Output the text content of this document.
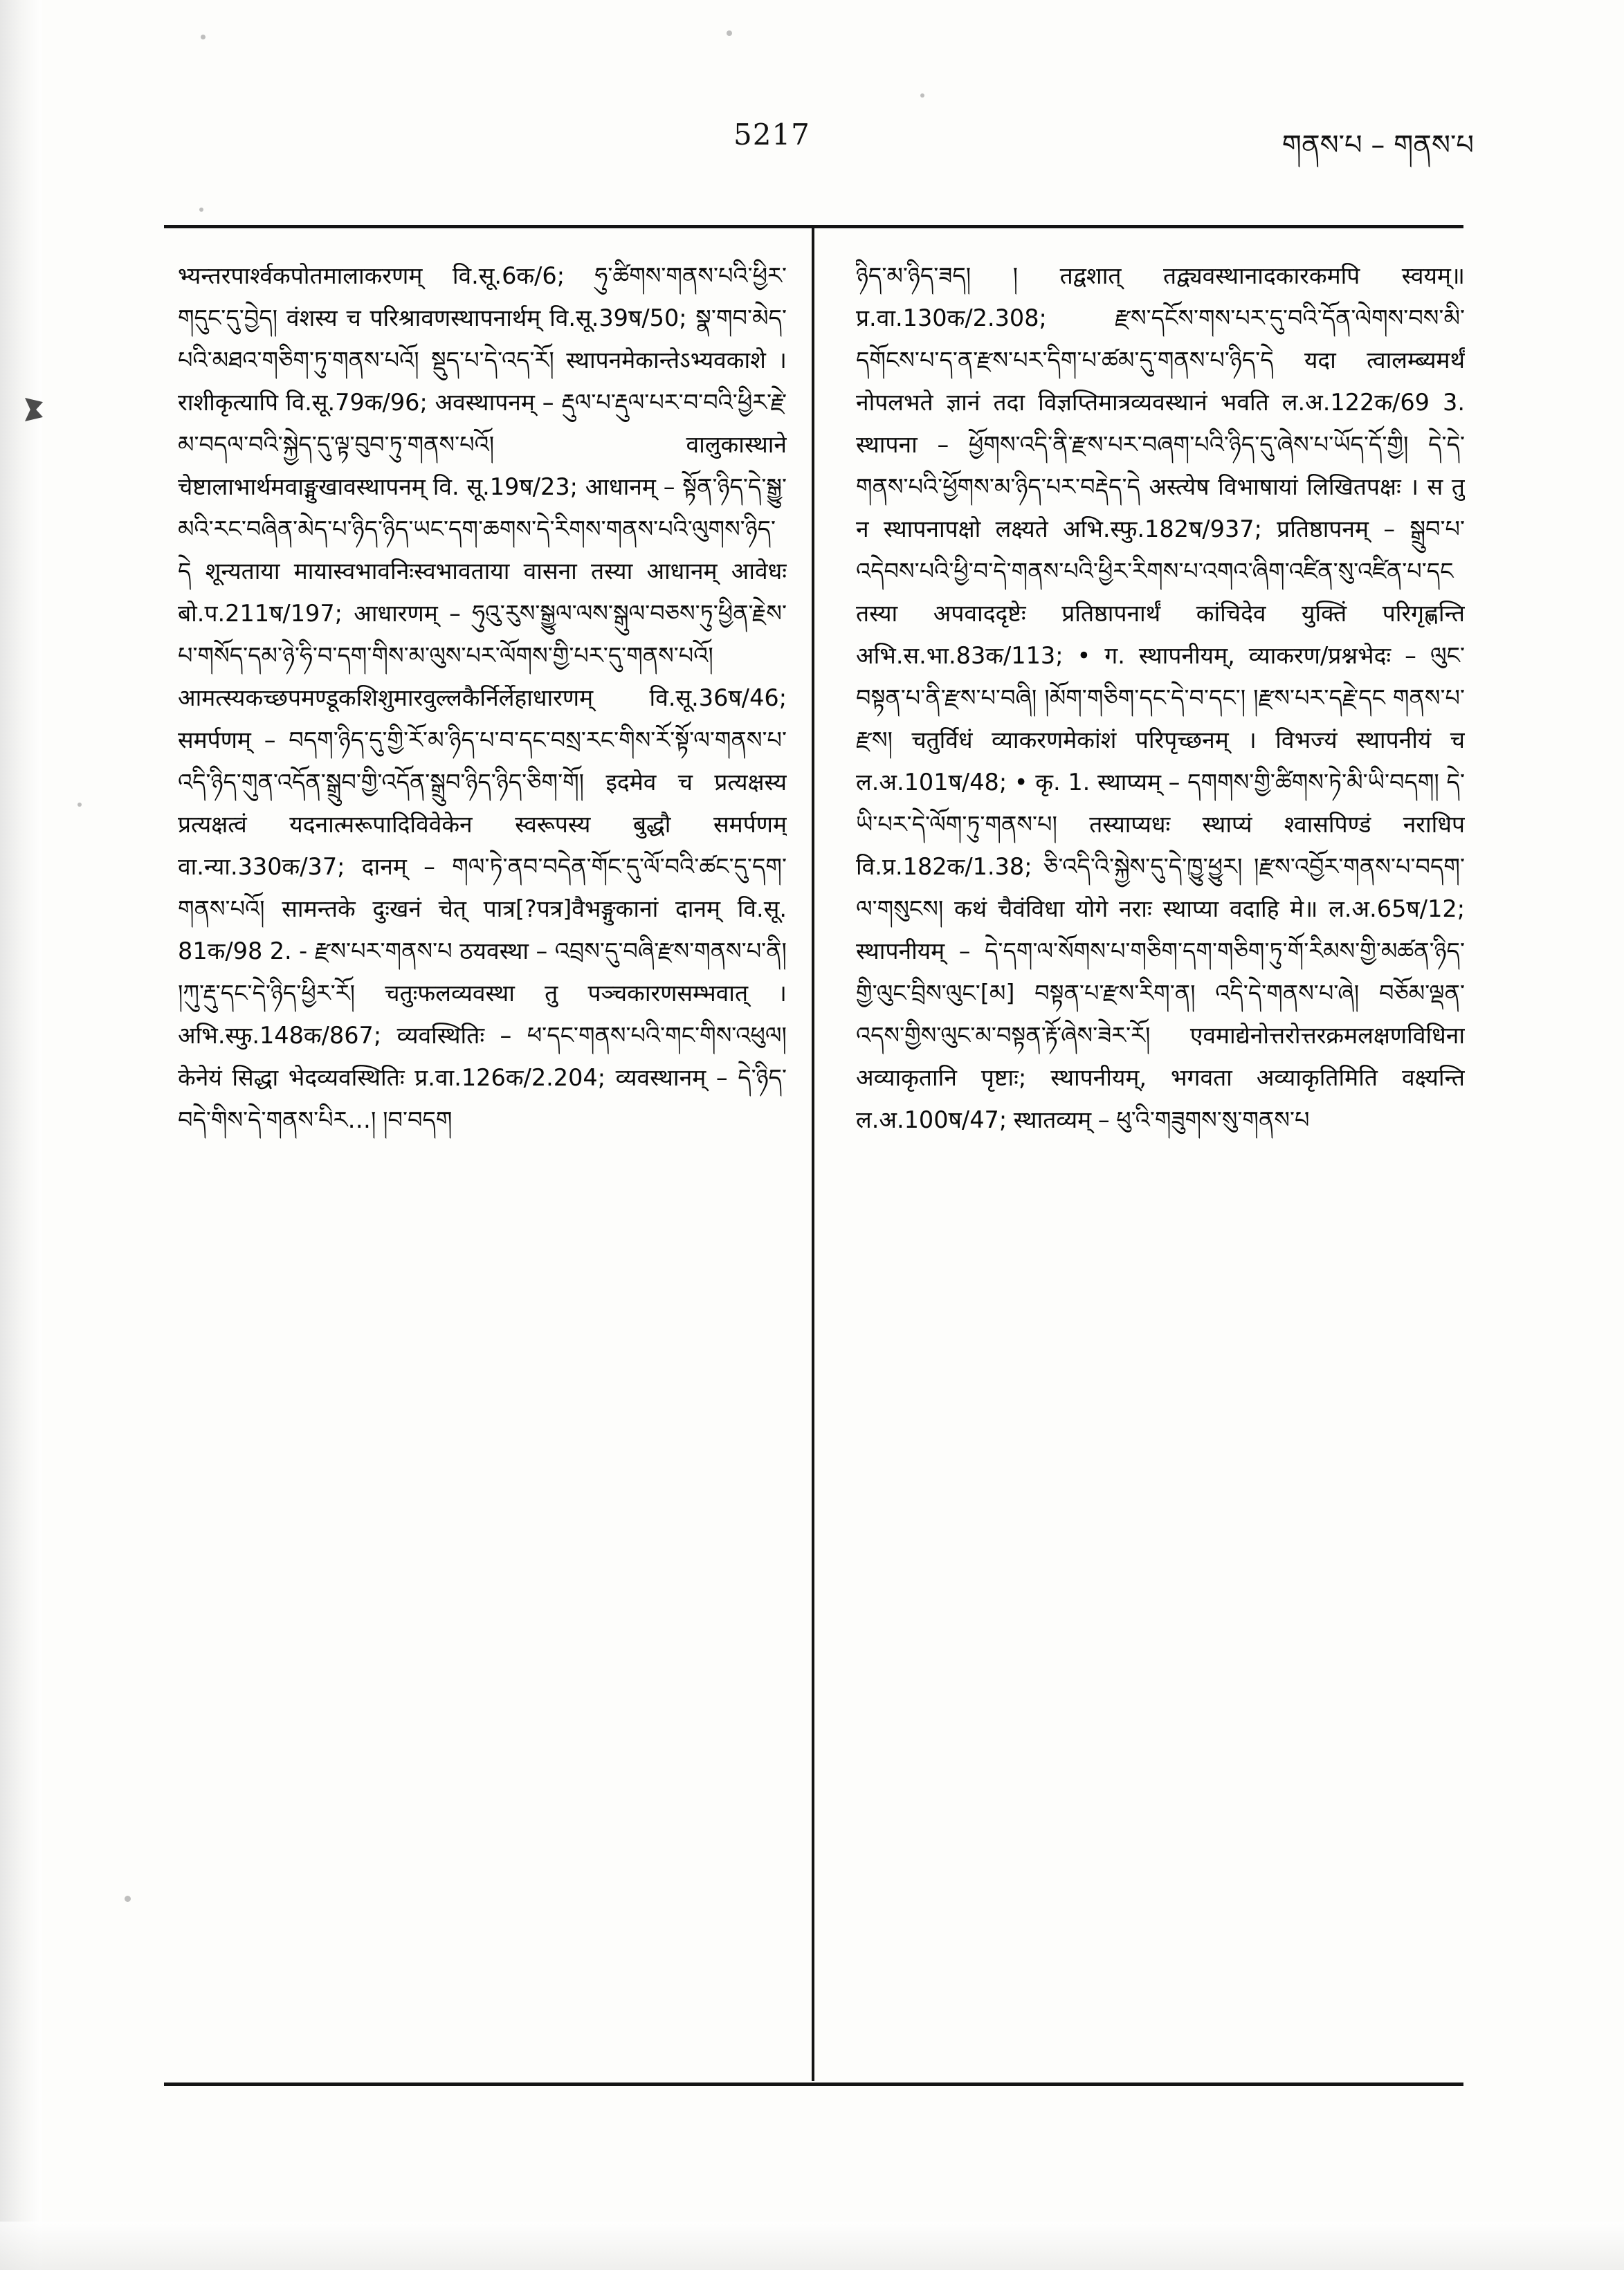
5217	གནས་པ – གནས་པ

भ्यन्तरपार्श्वकपोतमालाकरणम् वि.सू.6क/6; ཧུ་ཚིགས་གནས་པའི་ཕྱིར་གདུང་དུ་བྱེད། वंशस्य च परिश्रावणस्थापनार्थम् वि.सू.39ष/50; སྣ་གབ་མེད་པའི་མཐའ་གཅིག་ཏུ་གནས་པའོ། སྡུད་པ་དེ་འད་རོ། स्थापनमेकान्तेऽभ्यवकाशे । राशीकृत्यापि वि.सू.79क/96; अवस्थापनम् – རྡུལ་པ་རྡུལ་པར་བ་བའི་ཕྱིར་རྗེ་མ་བདལ་བའི་སྐྱེད་དུ་ལྟ་བུབ་ཏུ་གནས་པའོ། वालुकास्थाने चेष्टालाभार्थमवाङ्मुखावस्थापनम् वि. सू.19ष/23; आधानम् – སྟོན་ཉིད་དེ་སྒྱུ་མའི་རང་བཞིན་མེད་པ་ཉིད་ཉིད་ཡང་དག་ཆགས་དེ་རིགས་གནས་པའི་ལུགས་ཉིད་དེ शून्यताया मायास्वभावनिःस्वभावताया वासना तस्या आधानम् आवेधः बो.प.211ष/197; आधारणम् – ཧུའུ་རུས་སྒྱུལ་ལས་སྒུལ་བཅས་ཏུ་ཕྱིན་རྗེས་པ་གསོད་དམ་ཉེ་ཧི་བ་དག་གིས་མ་ལུས་པར་ལོགས་གྱི་པར་དུ་གནས་པའོ། आमत्स्यकच्छपमण्डूकशिशुमारवुल्लकैर्निर्लेहाधारणम् वि.सू.36ष/46; समर्पणम् – བདག་ཉིད་དུ་གྱི་རོ་མ་ཉིད་པ་བ་དང་བསྲ་རང་གིས་རོ་སྟོ་ལ་གནས་པ་འདི་ཉིད་གུན་འདོན་སྒྲུབ་གྱི་འདོན་སྒྲུབ་ཉིད་ཉིད་ཅིག་གོ། इदमेव च प्रत्यक्षस्य प्रत्यक्षत्वं यदनात्मरूपादिविवेकेन स्वरूपस्य बुद्धौ समर्पणम् वा.न्या.330क/37; दानम् – གལ་ཏེ་ནབ་བདེན་གོང་དུ་ལོ་བའི་ཚང་དུ་དག་གནས་པའོ། सामन्तके दुःखनं चेत् पात्र[?पत्र]वैभङ्गुकानां दानम् वि.सू. 81क/98 2. - རྫས་པར་གནས་པ ठयवस्था – འབྲས་དུ་བཞི་རྫས་གནས་པ་ནི། །ཀུ་རྡུ་དང་དེ་ཉིད་ཕྱིར་རོ། चतुःफलव्यवस्था तु पञ्चकारणसम्भवात् । अभि.स्फु.148क/867; व्यवस्थितिः – ཕ་དང་གནས་པའི་གང་གིས་འཕུལ། केनेयं सिद्धा भेदव्यवस्थितिः प्र.वा.126क/2.204; व्यवस्थानम् – དེ་ཉིད་བདེ་གིས་དེ་གནས་པིར…། །བ་བདག

ཉིད་མ་ཉིད་ཟད། ། तद्वशात् तद्व्यवस्थानादकारकमपि स्वयम्॥ प्र.वा.130क/2.308; རྫས་དངོས་གས་པར་དུ་བའི་དོན་ལེགས་བས་མི་དགོངས་པ་ད་ན་རྫས་པར་དིག་པ་ཚམ་དུ་གནས་པ་ཉིད་དེ यदा त्वालम्ब्यमर्थं नोपलभते ज्ञानं तदा विज्ञप्तिमात्रव्यवस्थानं भवति ल.अ.122क/69 3. स्थापना – ཕྱོགས་འདི་ནི་རྫས་པར་བཞག་པའི་ཉིད་དུ་ཞེས་པ་ཡོད་དོ་གྱི། དེ་དེ་གནས་པའི་ཕྱོགས་མ་ཉིད་པར་བརྡེད་དེ अस्त्येष विभाषायां लिखितपक्षः । स तु न स्थापनापक्षो लक्ष्यते अभि.स्फु.182ष/937; प्रतिष्ठापनम् – སྒྲུབ་པ་འདེབས་པའི་ཕྱི་བ་དེ་གནས་པའི་ཕྱིར་རིགས་པ་འགའ་ཞིག་འཛིན་སུ་འཛིན་པ་དང तस्या अपवाददृष्टेः प्रतिष्ठापनार्थं कांचिदेव युक्तिं परिगृह्णन्ति अभि.स.भा.83क/113; • ग. स्थापनीयम्, व्याकरण/प्रश्नभेदः – ལུང་བསྟན་པ་ནི་རྫས་པ་བཞི། །མོག་གཅིག་དང་དེ་བ་དང་། །རྫས་པར་དརྗེ་དང གནས་པ་རྫས། चतुर्विधं व्याकरणमेकांशं परिपृच्छनम् । विभज्यं स्थापनीयं च ल.अ.101ष/48; • कृ. 1. स्थाप्यम् – དགགས་གྱི་ཚིགས་ཏེ་མི་ཡི་བདག། དེ་ཡི་པར་དེ་ལོག་ཏུ་གནས་པ། तस्याप्यधः स्थाप्यं श्वासपिण्डं नराधिप वि.प्र.182क/1.38; ཅི་འདི་འི་སྐྱེས་དུ་དེ་ཁྱུ་ཕྱུར། །རྫས་འབྱོར་གནས་པ་བདག་ལ་གསུངས། कथं चैवंविधा योगे नराः स्थाप्या वदाहि मे॥ ल.अ.65ष/12; स्थापनीयम् – དེ་དག་ལ་སོགས་པ་གཅིག་དག་གཅིག་ཏུ་གོ་རིམས་གྱི་མཚན་ཉིད་གྱི་ལུང་བྲིས་ལུང་[མ] བསྟན་པ་རྫས་རིག་ན། འདི་དེ་གནས་པ་ཞེ། བཅོམ་ལྡན་འདས་གྱིས་ལུང་མ་བསྟན་རྟོ་ཞེས་ཟེར་རོ། एवमाद्येनोत्तरोत्तरक्रमलक्षणविधिना अव्याकृतानि पृष्टाः; स्थापनीयम्, भगवता अव्याकृतिमिति वक्ष्यन्ति ल.अ.100ष/47; स्थातव्यम् – ཕུ་འི་གཟུགས་སུ་གནས་པ
